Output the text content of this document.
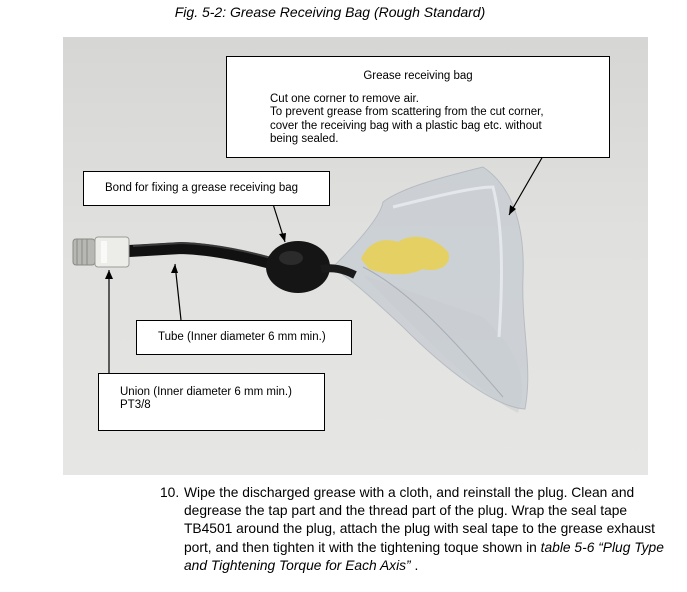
Fig. 5-2: Grease Receiving Bag (Rough Standard)
Grease receiving bag
Cut one corner to remove air.
To prevent grease from scattering from the cut corner,
cover the receiving bag with a plastic bag etc. without
being sealed.
Bond for fixing a grease receiving bag
Tube (Inner diameter 6 mm min.)
Union (Inner diameter 6 mm min.)
PT3/8
10. Wipe the discharged grease with a cloth, and reinstall the plug. Clean and degrease the tap part and the thread part of the plug. Wrap the seal tape TB4501 around the plug, attach the plug with seal tape to the grease exhaust port, and then tighten it with the tightening toque shown in table 5-6 “Plug Type and Tightening Torque for Each Axis” .
